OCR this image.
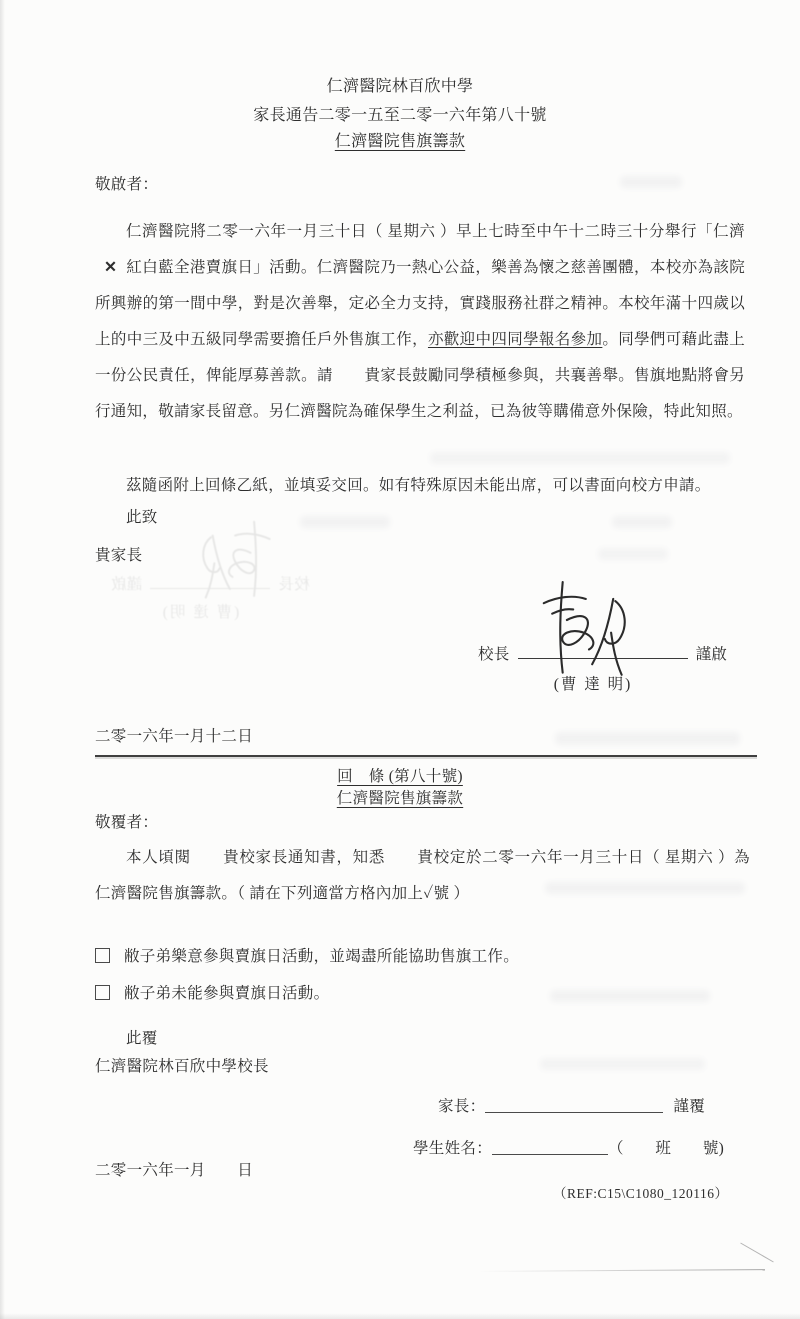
仁濟醫院林百欣中學
家長通告二零一五至二零一六年第八十號
仁濟醫院售旗籌款
敬啟者：

仁濟醫院將二零一六年一月三十日（ 星期六 ）早上七時至中午十二時三十分舉行「仁濟✕ 紅白藍全港賣旗日」活動。仁濟醫院乃一熱心公益，樂善為懷之慈善團體，本校亦為該院所興辦的第一間中學，對是次善舉，定必全力支持，實踐服務社群之精神。本校年滿十四歲以上的中三及中五級同學需要擔任戶外售旗工作，亦歡迎中四同學報名參加。同學們可藉此盡上一份公民責任，俾能厚募善款。請　　貴家長鼓勵同學積極參與，共襄善舉。售旗地點將會另行通知，敬請家長留意。另仁濟醫院為確保學生之利益，已為彼等購備意外保險，特此知照。

茲隨函附上回條乙紙，並填妥交回。如有特殊原因未能出席，可以書面向校方申請。

此致
貴家長
校長謹啟
(曹 達 明)
校長	謹啟
(曹 達 明)
二零一六年一月十二日
回　條 (第八十號)
仁濟醫院售旗籌款
敬覆者：

本人頃閱　　貴校家長通知書，知悉　　貴校定於二零一六年一月三十日（ 星期六 ）為仁濟醫院售旗籌款。（ 請在下列適當方格內加上✓號 ）

敝子弟樂意參與賣旗日活動，並竭盡所能協助售旗工作。
敝子弟未能參與賣旗日活動。
此覆
仁濟醫院林百欣中學校長
家長：	謹覆
學生姓名：	（　　班　　號)
二零一六年一月　　日
（REF:C15\C1080_120116）
